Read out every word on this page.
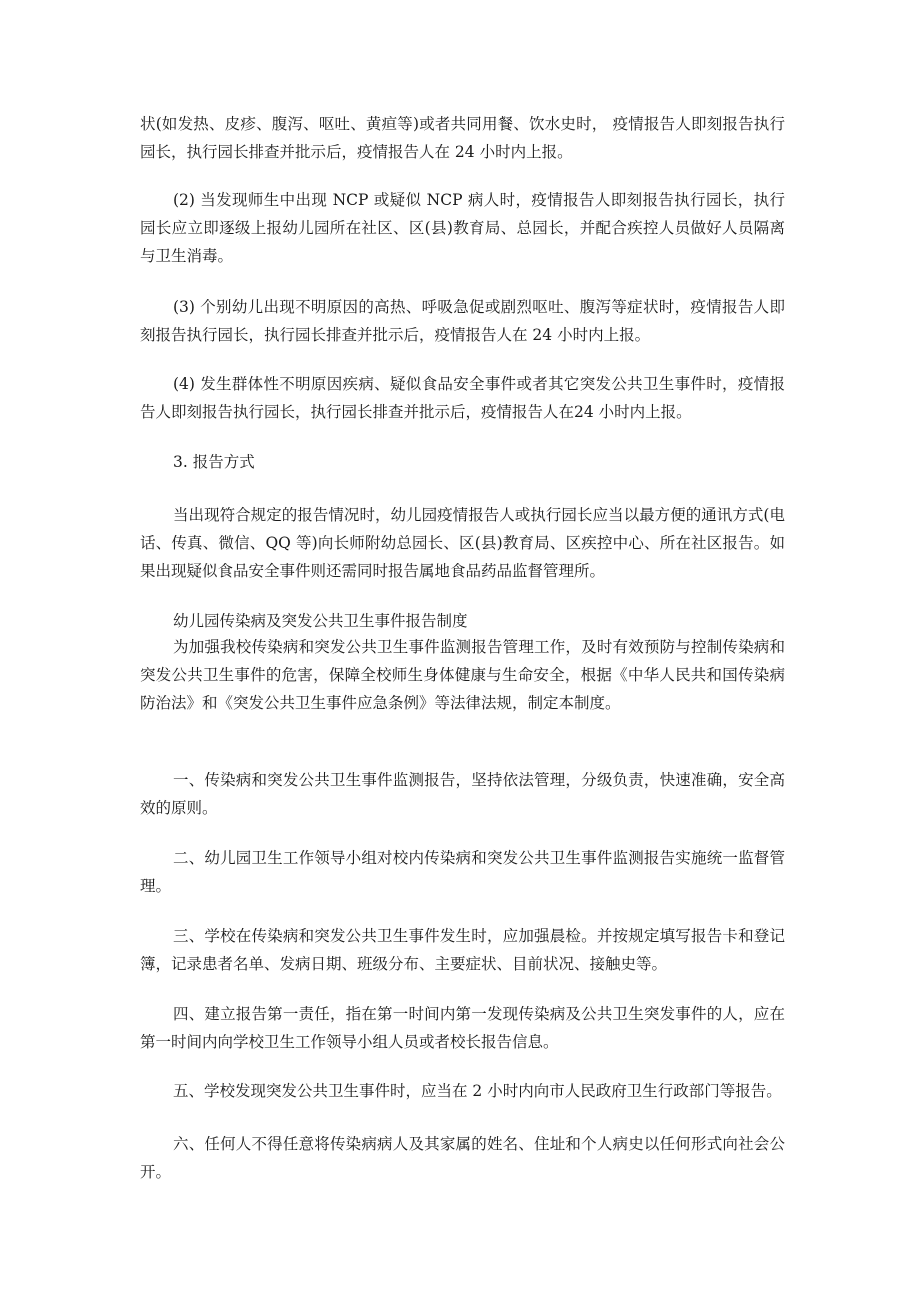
状(如发热、皮疹、腹泻、呕吐、黄疸等)或者共同用餐、饮水史时， 疫情报告人即刻报告执行园长，执行园长排查并批示后，疫情报告人在 24 小时内上报。

(2) 当发现师生中出现 NCP 或疑似 NCP 病人时，疫情报告人即刻报告执行园长，执行园长应立即逐级上报幼儿园所在社区、区(县)教育局、总园长，并配合疾控人员做好人员隔离与卫生消毒。

(3) 个别幼儿出现不明原因的高热、呼吸急促或剧烈呕吐、腹泻等症状时，疫情报告人即刻报告执行园长，执行园长排查并批示后，疫情报告人在 24 小时内上报。

(4) 发生群体性不明原因疾病、疑似食品安全事件或者其它突发公共卫生事件时，疫情报告人即刻报告执行园长，执行园长排查并批示后，疫情报告人在24 小时内上报。

3. 报告方式

当出现符合规定的报告情况时，幼儿园疫情报告人或执行园长应当以最方便的通讯方式(电话、传真、微信、QQ 等)向长师附幼总园长、区(县)教育局、区疾控中心、所在社区报告。如果出现疑似食品安全事件则还需同时报告属地食品药品监督管理所。

幼儿园传染病及突发公共卫生事件报告制度

为加强我校传染病和突发公共卫生事件监测报告管理工作，及时有效预防与控制传染病和突发公共卫生事件的危害，保障全校师生身体健康与生命安全，根据《中华人民共和国传染病防治法》和《突发公共卫生事件应急条例》等法律法规，制定本制度。

一、传染病和突发公共卫生事件监测报告，坚持依法管理，分级负责，快速准确，安全高效的原则。

二、幼儿园卫生工作领导小组对校内传染病和突发公共卫生事件监测报告实施统一监督管理。

三、学校在传染病和突发公共卫生事件发生时，应加强晨检。并按规定填写报告卡和登记簿，记录患者名单、发病日期、班级分布、主要症状、目前状况、接触史等。

四、建立报告第一责任，指在第一时间内第一发现传染病及公共卫生突发事件的人，应在第一时间内向学校卫生工作领导小组人员或者校长报告信息。

五、学校发现突发公共卫生事件时，应当在 2 小时内向市人民政府卫生行政部门等报告。

六、任何人不得任意将传染病病人及其家属的姓名、住址和个人病史以任何形式向社会公开。
